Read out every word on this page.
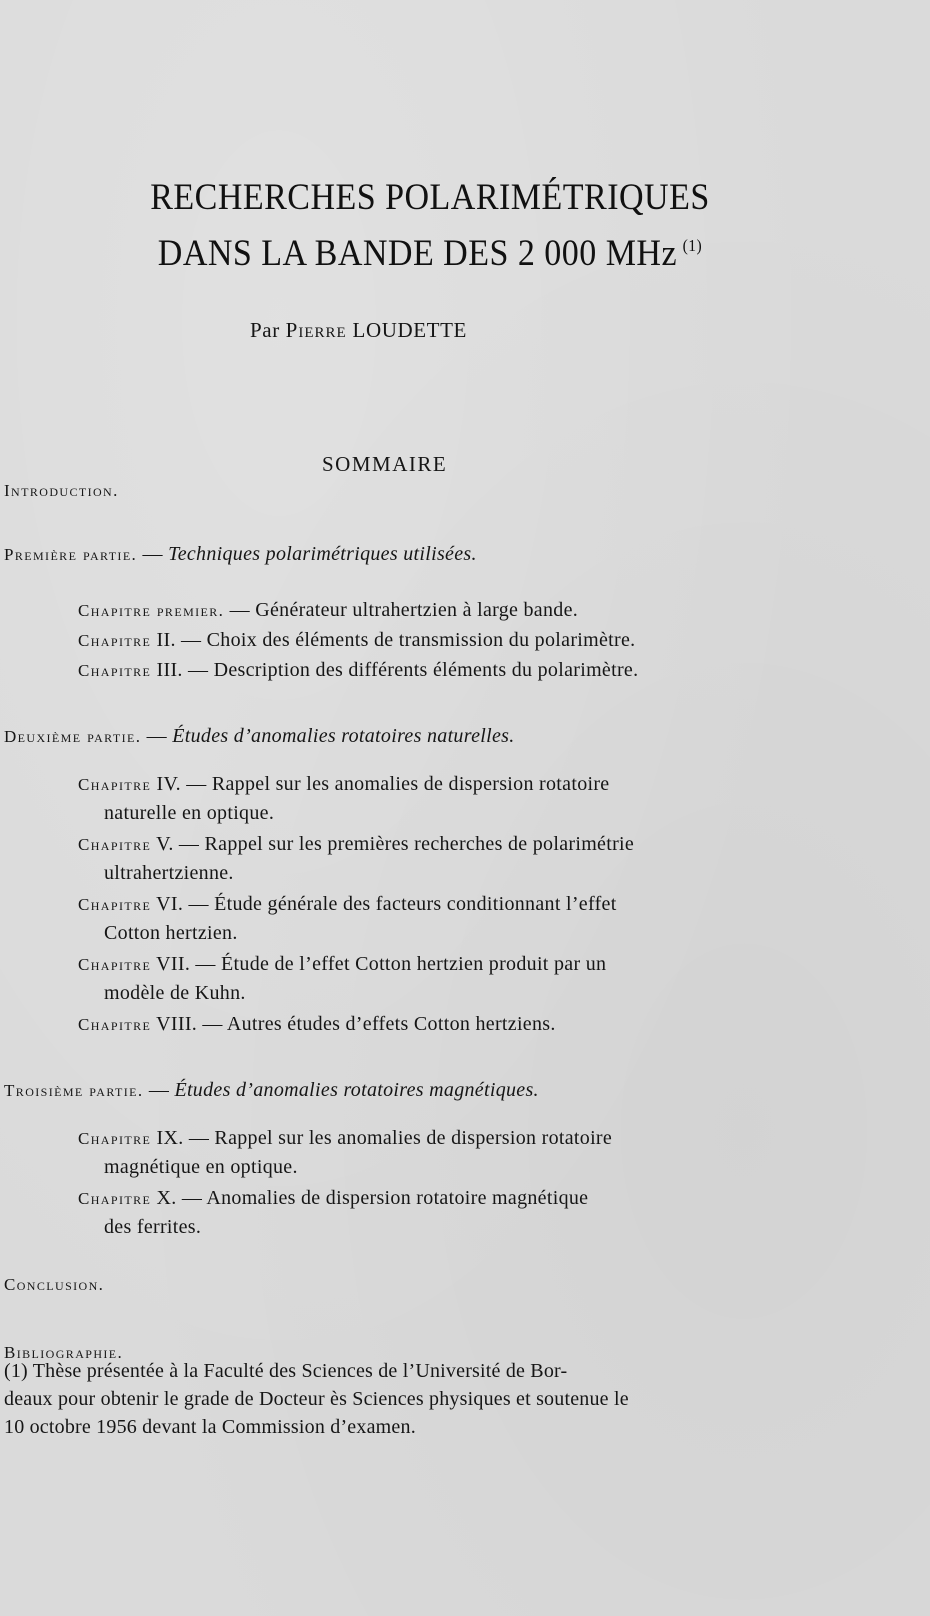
RECHERCHES POLARIMÉTRIQUES
DANS LA BANDE DES 2 000 MHz $^{(1)}$
Par Pierre LOUDETTE
SOMMAIRE
Introduction.
Première partie. — Techniques polarimétriques utilisées.
Chapitre premier. — Générateur ultrahertzien à large bande.
Chapitre II. — Choix des éléments de transmission du polarimètre.
Chapitre III. — Description des différents éléments du polarimètre.
Deuxième partie. — Études d’anomalies rotatoires naturelles.
Chapitre IV. — Rappel sur les anomalies de dispersion rotatoire
naturelle en optique.
Chapitre V. — Rappel sur les premières recherches de polarimétrie
ultrahertzienne.
Chapitre VI. — Étude générale des facteurs conditionnant l’effet
Cotton hertzien.
Chapitre VII. — Étude de l’effet Cotton hertzien produit par un
modèle de Kuhn.
Chapitre VIII. — Autres études d’effets Cotton hertziens.
Troisième partie. — Études d’anomalies rotatoires magnétiques.
Chapitre IX. — Rappel sur les anomalies de dispersion rotatoire
magnétique en optique.
Chapitre X. — Anomalies de dispersion rotatoire magnétique
des ferrites.
Conclusion.
Bibliographie.
(1) Thèse présentée à la Faculté des Sciences de l’Université de Bor-
deaux pour obtenir le grade de Docteur ès Sciences physiques et soutenue le
10 octobre 1956 devant la Commission d’examen.
